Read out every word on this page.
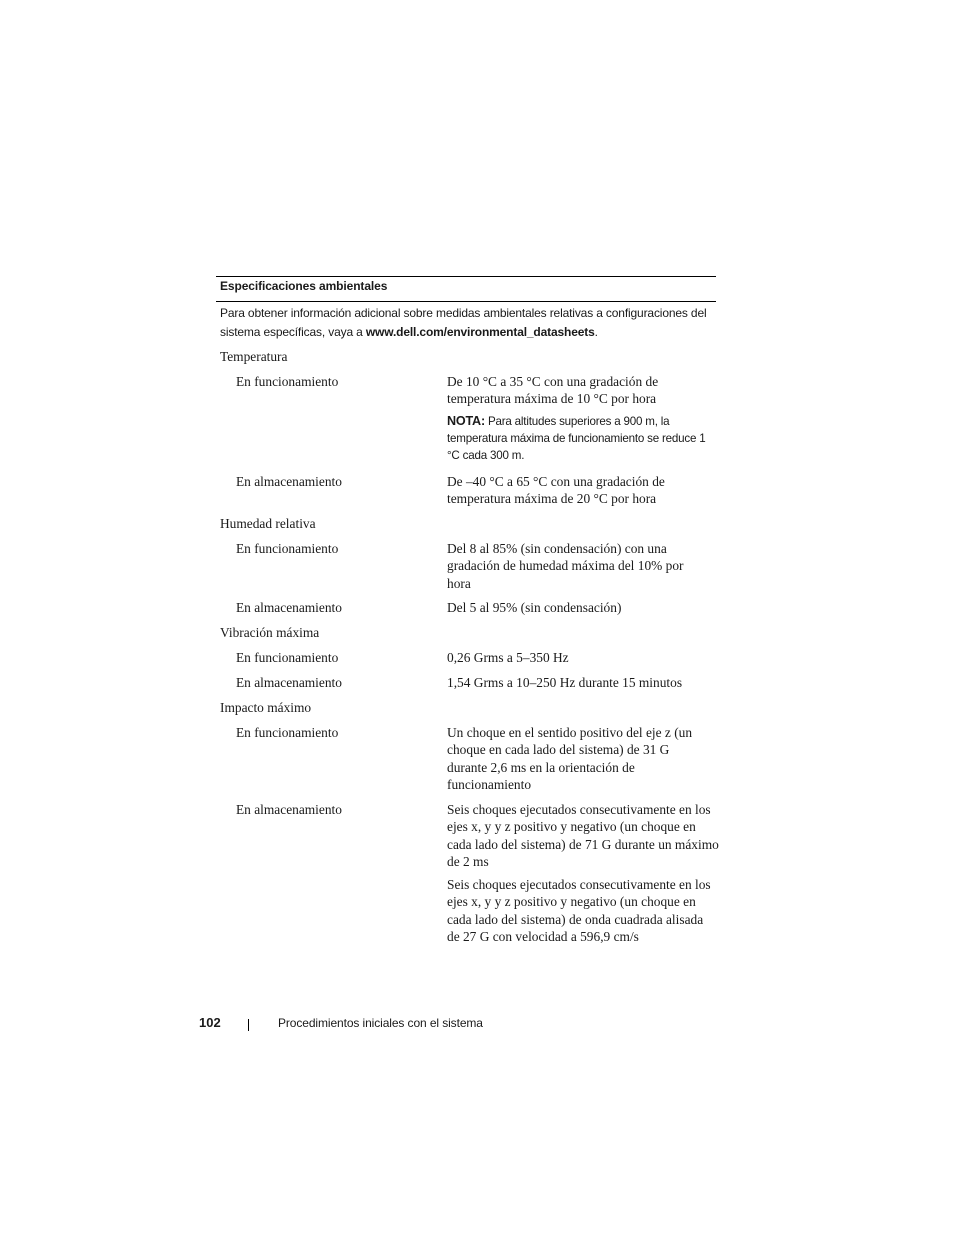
Especificaciones ambientales
Para obtener información adicional sobre medidas ambientales relativas a configuraciones del sistema específicas, vaya a www.dell.com/environmental_datasheets.
Temperatura
En funcionamiento	De 10 °C a 35 °C con una gradación de temperatura máxima de 10 °C por hora
NOTA: Para altitudes superiores a 900 m, la temperatura máxima de funcionamiento se reduce 1 °C cada 300 m.
En almacenamiento	De –40 °C a 65 °C con una gradación de temperatura máxima de 20 °C por hora
Humedad relativa
En funcionamiento	Del 8 al 85% (sin condensación) con una gradación de humedad máxima del 10% por hora
En almacenamiento	Del 5 al 95% (sin condensación)
Vibración máxima
En funcionamiento	0,26 Grms a 5–350 Hz
En almacenamiento	1,54 Grms a 10–250 Hz durante 15 minutos
Impacto máximo
En funcionamiento	Un choque en el sentido positivo del eje z (un choque en cada lado del sistema) de 31 G durante 2,6 ms en la orientación de funcionamiento
En almacenamiento	Seis choques ejecutados consecutivamente en los ejes x, y y z positivo y negativo (un choque en cada lado del sistema) de 71 G durante un máximo de 2 ms
Seis choques ejecutados consecutivamente en los ejes x, y y z positivo y negativo (un choque en cada lado del sistema) de onda cuadrada alisada de 27 G con velocidad a 596,9 cm/s
102	Procedimientos iniciales con el sistema
